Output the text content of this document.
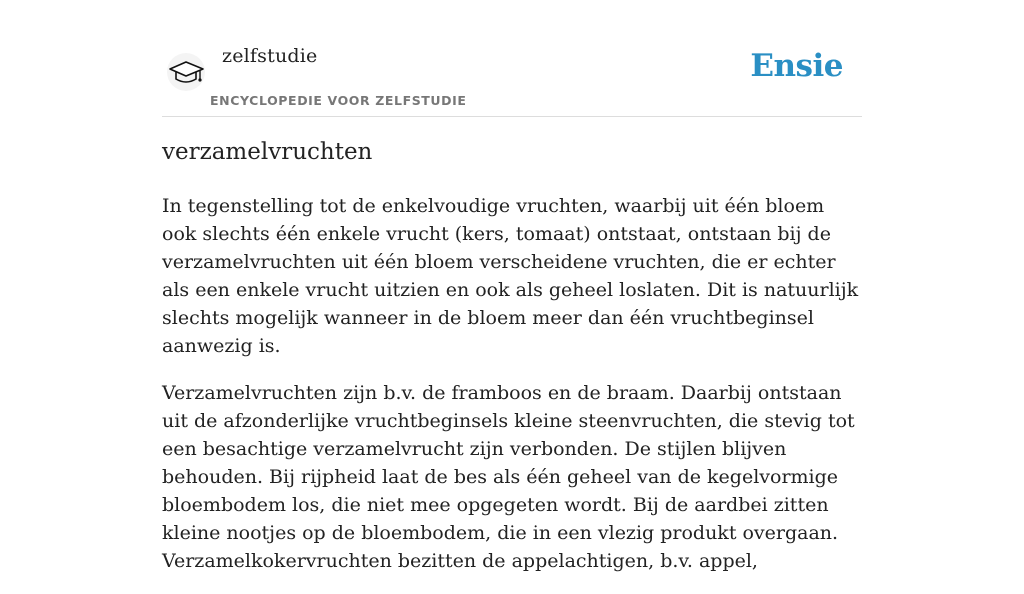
zelfstudie
ENCYCLOPEDIE VOOR ZELFSTUDIE
Ensie
verzamelvruchten

In tegenstelling tot de enkelvoudige vruchten, waarbij uit één bloem ook slechts één enkele vrucht (kers, tomaat) ontstaat, ontstaan bij de verzamelvruchten uit één bloem verscheidene vruchten, die er echter als een enkele vrucht uitzien en ook als geheel loslaten. Dit is natuurlijk slechts mogelijk wanneer in de bloem meer dan één vruchtbeginsel aanwezig is.

Verzamelvruchten zijn b.v. de framboos en de braam. Daarbij ontstaan uit de afzonderlijke vruchtbeginsels kleine steenvruchten, die stevig tot een besachtige verzamelvrucht zijn verbonden. De stijlen blijven behouden. Bij rijpheid laat de bes als één geheel van de kegelvormige bloembodem los, die niet mee opgegeten wordt. Bij de aardbei zitten kleine nootjes op de bloembodem, die in een vlezig produkt overgaan. Verzamelkokervruchten bezitten de appelachtigen, b.v. appel,
